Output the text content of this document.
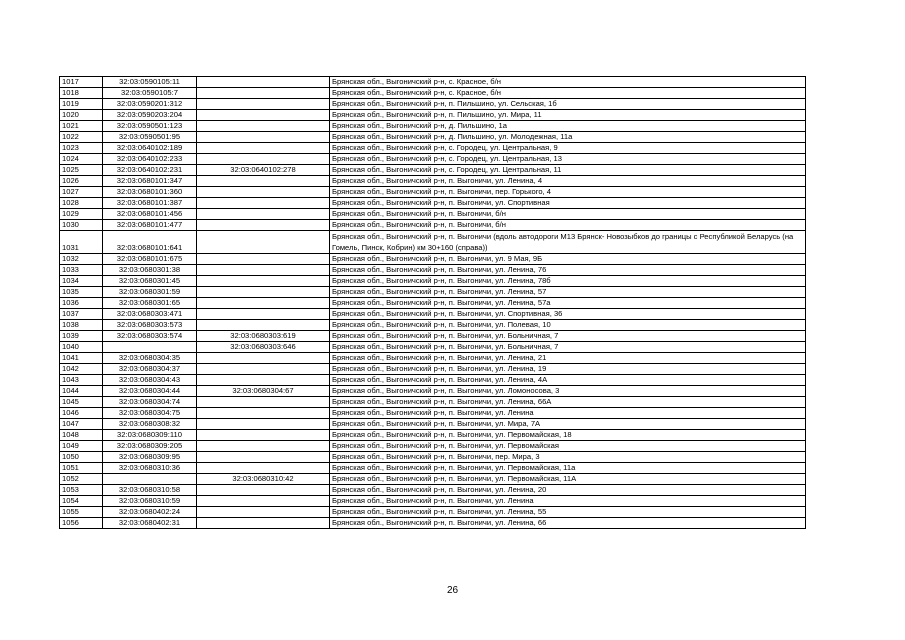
1017	32:03:0590105:11		Брянская обл., Выгоничский р-н, с. Красное, б/н
1018	32:03:0590105:7		Брянская обл., Выгоничский р-н, с. Красное, б/н
1019	32:03:0590201:312		Брянская обл., Выгоничский р-н, п. Пильшино, ул. Сельская, 1б
1020	32:03:0590203:204		Брянская обл., Выгоничский р-н, п. Пильшино, ул. Мира, 11
1021	32:03:0590501:123		Брянская обл., Выгоничский р-н, д. Пильшино, 1а
1022	32:03:0590501:95		Брянская обл., Выгоничский р-н, д. Пильшино, ул. Молодежная, 11а
1023	32:03:0640102:189		Брянская обл., Выгоничский р-н, с. Городец, ул. Центральная, 9
1024	32:03:0640102:233		Брянская обл., Выгоничский р-н, с. Городец, ул. Центральная, 13
1025	32:03:0640102:231	32:03:0640102:278	Брянская обл., Выгоничский р-н, с. Городец, ул. Центральная, 11
1026	32:03:0680101:347		Брянская обл., Выгоничский р-н, п. Выгоничи, ул. Ленина, 4
1027	32:03:0680101:360		Брянская обл., Выгоничский р-н, п. Выгоничи, пер. Горького, 4
1028	32:03:0680101:387		Брянская обл., Выгоничский р-н, п. Выгоничи, ул. Спортивная
1029	32:03:0680101:456		Брянская обл., Выгоничский р-н, п. Выгоничи, б/н
1030	32:03:0680101:477		Брянская обл., Выгоничский р-н, п. Выгоничи, б/н
1031	32:03:0680101:641		Брянская обл., Выгоничский р-н, п. Выгоничи (вдоль автодороги М13 Брянск- Новозыбков до границы с Республикой Беларусь (на Гомель, Пинск, Кобрин) км 30+160 (справа))
1032	32:03:0680101:675		Брянская обл., Выгоничский р-н, п. Выгоничи, ул. 9 Мая, 9Б
1033	32:03:0680301:38		Брянская обл., Выгоничский р-н, п. Выгоничи, ул. Ленина, 76
1034	32:03:0680301:45		Брянская обл., Выгоничский р-н, п. Выгоничи, ул. Ленина, 78б
1035	32:03:0680301:59		Брянская обл., Выгоничский р-н, п. Выгоничи, ул. Ленина, 57
1036	32:03:0680301:65		Брянская обл., Выгоничский р-н, п. Выгоничи, ул. Ленина, 57а
1037	32:03:0680303:471		Брянская обл., Выгоничский р-н, п. Выгоничи, ул. Спортивная, 36
1038	32:03:0680303:573		Брянская обл., Выгоничский р-н, п. Выгоничи, ул. Полевая, 10
1039	32:03:0680303:574	32:03:0680303:619	Брянская обл., Выгоничский р-н, п. Выгоничи, ул. Больничная, 7
1040		32:03:0680303:646	Брянская обл., Выгоничский р-н, п. Выгоничи, ул. Больничная, 7
1041	32:03:0680304:35		Брянская обл., Выгоничский р-н, п. Выгоничи, ул. Ленина, 21
1042	32:03:0680304:37		Брянская обл., Выгоничский р-н, п. Выгоничи, ул. Ленина, 19
1043	32:03:0680304:43		Брянская обл., Выгоничский р-н, п. Выгоничи, ул. Ленина, 4А
1044	32:03:0680304:44	32:03:0680304:67	Брянская обл., Выгоничский р-н, п. Выгоничи, ул. Ломоносова, 3
1045	32:03:0680304:74		Брянская обл., Выгоничский р-н, п. Выгоничи, ул. Ленина, 66А
1046	32:03:0680304:75		Брянская обл., Выгоничский р-н, п. Выгоничи, ул. Ленина
1047	32:03:0680308:32		Брянская обл., Выгоничский р-н, п. Выгоничи, ул. Мира, 7А
1048	32:03:0680309:110		Брянская обл., Выгоничский р-н, п. Выгоничи, ул. Первомайская, 18
1049	32:03:0680309:205		Брянская обл., Выгоничский р-н, п. Выгоничи, ул. Первомайская
1050	32:03:0680309:95		Брянская обл., Выгоничский р-н, п. Выгоничи, пер. Мира, 3
1051	32:03:0680310:36		Брянская обл., Выгоничский р-н, п. Выгоничи, ул. Первомайская, 11а
1052		32:03:0680310:42	Брянская обл., Выгоничский р-н, п. Выгоничи, ул. Первомайская, 11А
1053	32:03:0680310:58		Брянская обл., Выгоничский р-н, п. Выгоничи, ул. Ленина, 20
1054	32:03:0680310:59		Брянская обл., Выгоничский р-н, п. Выгоничи, ул. Ленина
1055	32:03:0680402:24		Брянская обл., Выгоничский р-н, п. Выгоничи, ул. Ленина, 55
1056	32:03:0680402:31		Брянская обл., Выгоничский р-н, п. Выгоничи, ул. Ленина, 66
26
